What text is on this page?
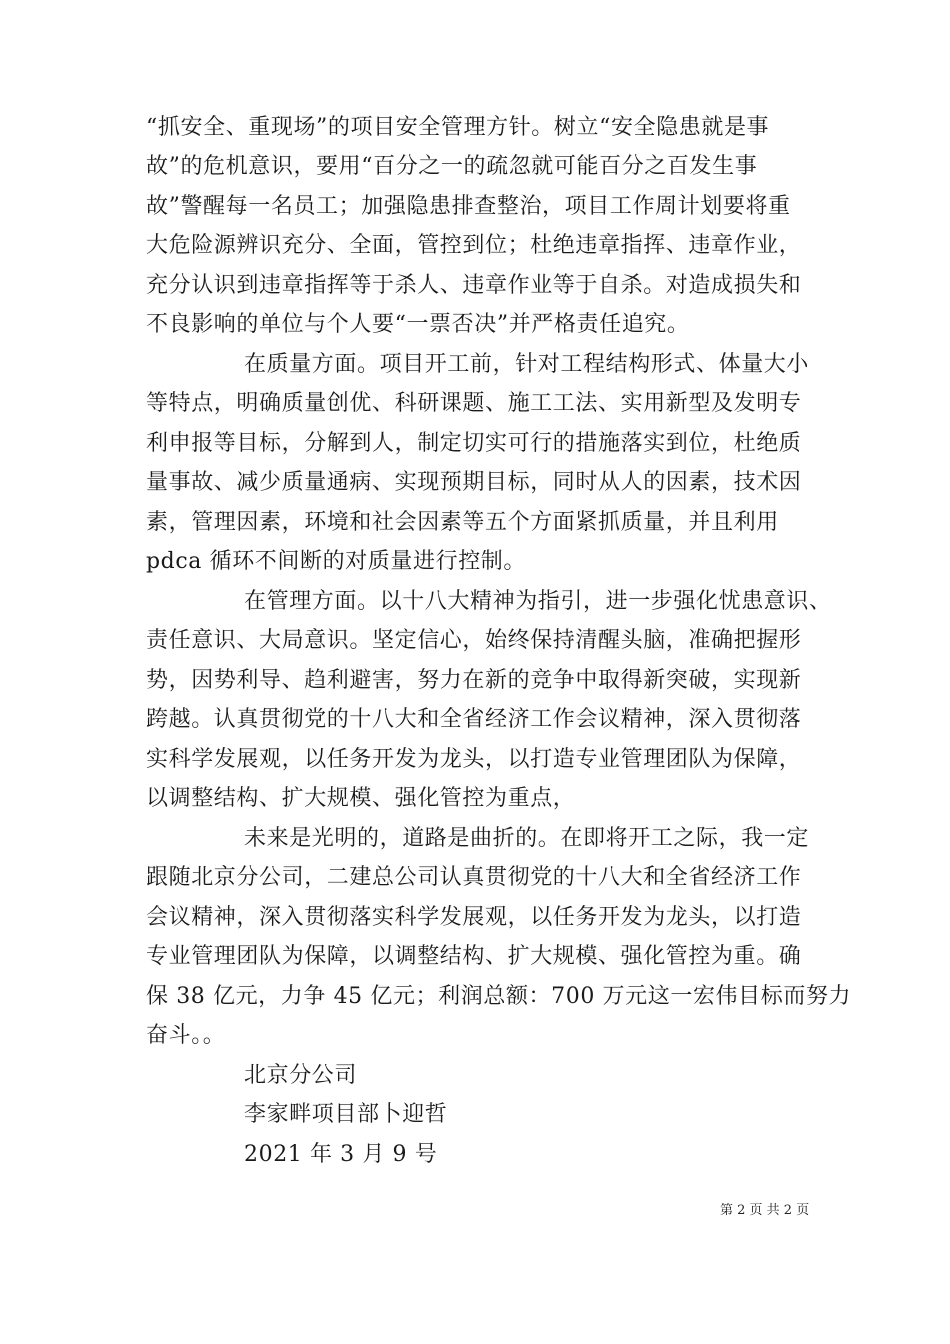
“抓安全、重现场”的项目安全管理方针。树立“安全隐患就是事
故”的危机意识，要用“百分之一的疏忽就可能百分之百发生事
故”警醒每一名员工；加强隐患排查整治，项目工作周计划要将重
大危险源辨识充分、全面，管控到位；杜绝违章指挥、违章作业，
充分认识到违章指挥等于杀人、违章作业等于自杀。对造成损失和
不良影响的单位与个人要“一票否决”并严格责任追究。
在质量方面。项目开工前，针对工程结构形式、体量大小
等特点，明确质量创优、科研课题、施工工法、实用新型及发明专
利申报等目标，分解到人，制定切实可行的措施落实到位，杜绝质
量事故、减少质量通病、实现预期目标，同时从人的因素，技术因
素，管理因素，环境和社会因素等五个方面紧抓质量，并且利用
pdca 循环不间断的对质量进行控制。
在管理方面。以十八大精神为指引，进一步强化忧患意识、
责任意识、大局意识。坚定信心，始终保持清醒头脑，准确把握形
势，因势利导、趋利避害，努力在新的竞争中取得新突破，实现新
跨越。认真贯彻党的十八大和全省经济工作会议精神，深入贯彻落
实科学发展观，以任务开发为龙头，以打造专业管理团队为保障，
以调整结构、扩大规模、强化管控为重点，
未来是光明的，道路是曲折的。在即将开工之际，我一定
跟随北京分公司，二建总公司认真贯彻党的十八大和全省经济工作
会议精神，深入贯彻落实科学发展观，以任务开发为龙头，以打造
专业管理团队为保障，以调整结构、扩大规模、强化管控为重。确
保 38 亿元，力争 45 亿元；利润总额：700 万元这一宏伟目标而努力
奋斗。。
北京分公司
李家畔项目部卜迎哲
2021 年 3 月 9 号
第 2 页 共 2 页
